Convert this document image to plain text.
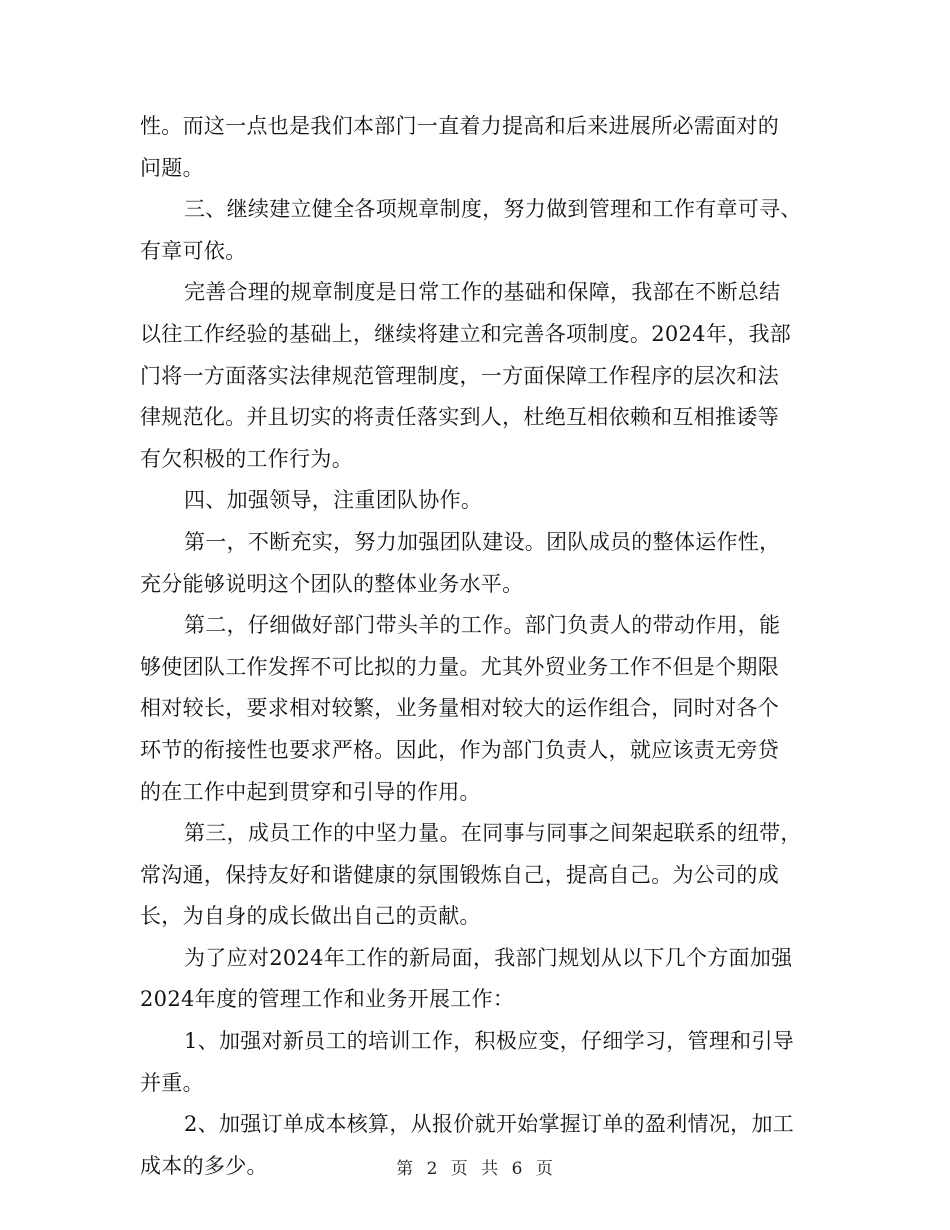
性。而这一点也是我们本部门一直着力提高和后来进展所必需面对的
问题。
三、继续建立健全各项规章制度，努力做到管理和工作有章可寻、
有章可依。
完善合理的规章制度是日常工作的基础和保障，我部在不断总结
以往工作经验的基础上，继续将建立和完善各项制度。2024年，我部
门将一方面落实法律规范管理制度，一方面保障工作程序的层次和法
律规范化。并且切实的将责任落实到人，杜绝互相依赖和互相推诿等
有欠积极的工作行为。
四、加强领导，注重团队协作。
第一，不断充实，努力加强团队建设。团队成员的整体运作性，
充分能够说明这个团队的整体业务水平。
第二，仔细做好部门带头羊的工作。部门负责人的带动作用，能
够使团队工作发挥不可比拟的力量。尤其外贸业务工作不但是个期限
相对较长，要求相对较繁，业务量相对较大的运作组合，同时对各个
环节的衔接性也要求严格。因此，作为部门负责人，就应该责无旁贷
的在工作中起到贯穿和引导的作用。
第三，成员工作的中坚力量。在同事与同事之间架起联系的纽带，
常沟通，保持友好和谐健康的氛围锻炼自己，提高自己。为公司的成
长，为自身的成长做出自己的贡献。
为了应对2024年工作的新局面，我部门规划从以下几个方面加强
2024年度的管理工作和业务开展工作：
1、加强对新员工的培训工作，积极应变，仔细学习，管理和引导
并重。
2、加强订单成本核算，从报价就开始掌握订单的盈利情况，加工
成本的多少。	第 2 页 共 6 页
